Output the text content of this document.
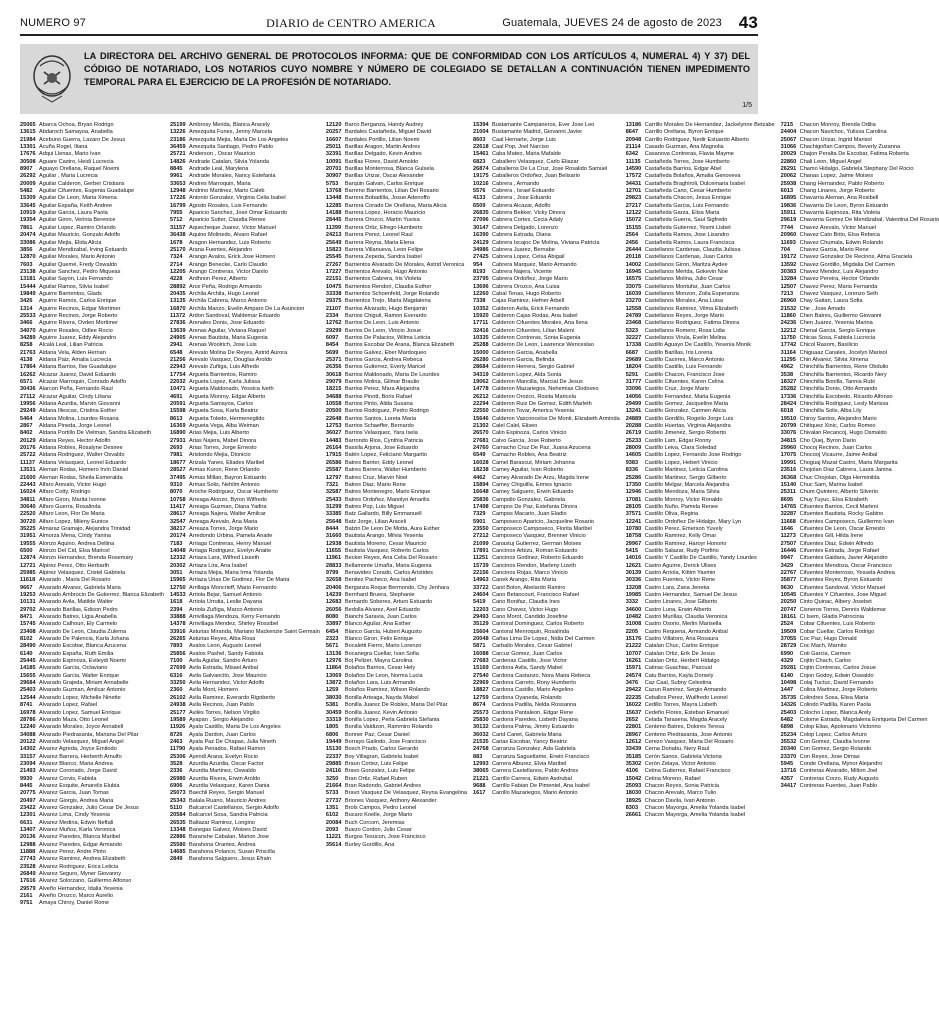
NUMERO 97	DIARIO de CENTRO AMERICA	Guatemala, JUEVES 24 de agosto de 2023 43
LA DIRECTORA DEL ARCHIVO GENERAL DE PROTOCOLOS INFORMA: QUE DE CONFORMIDAD CON LOS ARTÍCULOS 4, NUMERAL 4) Y 37) DEL CÓDIGO DE NOTARIADO, LOS NOTARIOS CUYO NOMBRE Y NÚMERO DE COLEGIADO SE DETALLAN A CONTINUACIÓN TIENEN IMPEDIMENTO TEMPORAL PARA EL EJERCICIO DE LA PROFESIÓN DE NOTARIADO.
1/5
25065 Abarca Ochoa, Bryan Rodrigo
13615 Abdaroch Samayoa, Anabella
21984 Acebuno Guerra, Lazaro De Jesus
13301 Acuña Rogel, Iliana
17676 Adqui Llenas, Mario Ivan
30508 Aguare Castro, Heidi Lucrecia
8907	Aguayo Orellana, Raquel Noemi
26292 Aguilar , Maria Lucrecia
20009 Aguilar Calderon, Gerber Cristians
5482	Aguilar Cifuentes, Eugenia Guadalupe
15309 Aguilar De Leon, Maria Ximena
33645 Aguilar España, Keith Andree
10919 Aguilar Garcia, Laura Paola
19354 Aguilar Giron, Verinia Berenice
7861	Aguilar Lopez, Ramiro Orlando
20474 Aguilar Mauricio, Gonzalo Adolfo
33086 Aguilar Mejia, Elida Alicia
3856	Aguilar Mendizabal, Irving Estuardo
12870 Aguilar Morales, Mario Antonio
7603	Aguilar Quemé, Fredy Oswaldo
23138 Aguilar Sanchez, Pedro Miqueas
13181 Aguilar Sayon, Luis Fernando
15444 Aguilar Ramos, Silvia Isabel
19849 Aguirre Barrientos, Glads
3426	Aguirre Ramos, Carlos Enrique
1314	Aguirre Recinos, Edgar Mortimer
25533 Aguirre Recinos, Jorge Roberto
3466	Aguirre Rivera, Ovden Mortimer
34070 Aguirre Rosales, Odlee Rocio
34289 Aguirre Juarez, Eddy Alejandro
8258	Alcalá Leal, Lilian Patricia
21763 Aldana Vela, Alden Hernan
4138	Aldana Paiz, Amalia Lucrecia
17864 Aldana Barrios, Ilse Guadalupe
16262 Alcazar Juarez, David Eduardo
6571	Alcazar Marroquin, Conrado Adolfo
30436 Alarcon Peña, Fernando Raul
27112 Alcazar Aguilar, Cindy Liliana
19956 Aldana Azurdia, Marvin Giovanni
29249 Aldana Illescas, Cristina Esther
5464	Aldana Molina, Lourdes Rosana
2867	Aldana Pineda, Jorge Leonel
8402	Aldana Portillo De Vielman, Sandra Elizabeth
20129 Aldana Reyes, Hector Adolfo
20176 Aldana Robles, Rosalyne Desiree
25722 Aldana Rodriguez, Walter Osvaldo
11137 Aldana Velasquez, Leonel Eduardo
13531 Aleman Rodas, Homero Irvin Daniel
21600 Aleman Rodas, Sheila Esmeralda
22443 Alfaro Arevalo, Victor Hugo
16024 Alfaro Cotty, Rodrigo
34811 Alfaro Giron, Marita Ivonne
30640 Alfaro Guerra, Rosalinda
22520 Alfaro Leon, Flor De Maria
30720 Alfaro Lopez, Mileny Eunice
35225 Almaraz Gramajo, Alejandra Trinidad
31951 Almorza Mena, Cindy Yanina
19555 Alonzo Aquino, Andrea Dellina
6500	Alonzo Del Cid, Elsa Maricel
12874 Alonzo Hernandez, Brenda Rosemary
12721 Alpirez Perez, Otto Herbarth
25985 Alpirez Velasquez, Cristel Gabriela
11618 Alvarado , Maria Del Rosario
9667	Alvarado Alvarez, Gabriela Maria
19253 Alvarado Ambrocio De Gutierrez, Blanca Elizabeth
10131 Alvarado Avila, Matilde Walter
29702 Alvarado Barillas, Edison Pedro
8471	Alvarado Batres, Ligia Anabella
15745 Alvarado Calhoun, Ely Carmelo
23408 Alvarado De Leon, Claudia Zulema
8102	Alvarado De Palencia, Karla Johana
28490 Alvarado Escobar, Blanca Azucena
6140	Alvarado España, Ruth Emilia
25445 Alvarado Espinoza, Evileydi Noemi
14185 Alvarado Garcia, Octaviano
15655 Alvarado Garcia, Walter Enrique
29684 Alvarado Grajeda, Miriam Annabelle
25403 Alvarado Guzman, Amilcar Antonio
12544 Alvarado Lopez, Michelle Ninette
8741	Alvarado Lopez, Rafael
16978 Alvarado Lopez, Samuel Enrique
28786 Alvarado Maza, Otto Leonel
12240 Alvarado Morales, Joyce Annabell
34088 Alvarado Piedrasanta, Mariana Del Pilar
20122 Alvarado Velasquez, Miguel Angel
14302 Alvarez Agreda, Joyce Emitodo
33157 Alvarez Barrera, Herberth Arnulfo
23094 Alvarez Blanco, Maria Andrea
21493 Alvarez Coronado, Jorge David
9930	Alvarez Corvis, Fabiola
8445	Alvarez Esquite, Amarelis Elubia
20775 Alvarez Garcia, Juan Tomas
20497 Alvarez Giorgis, Andrea Maria
23422 Alvarez Gonzalez, Julio Cesar De Jesus
12301 Alvarez Lima, Cindy Yesenia
6631	Alvarez Medina, Edwin Neftali
13407 Alvarez Muñoz, Karla Veronica
20136 Alvarez Paredes, Blanca Maribel
12988 Alvarez Paredes, Edgar Armando
11888 Alvarez Perez, Andre Pinto
27743 Alvarez Ramirez, Andrea Elizabeth
23528 Alvarez Rodriguez, Erica Leticia
26849 Alvarez Seguro, Myner Giovanny
17616 Alvarez Solorzano, Guillermo Alfonso
29579 Alveño Hernandez, Idalia Yesenia
2161	Alveño Orozco, Marco Aurelio
9751	Amaya Chiroy, Daniel Rome
25199 Ambrosy Merida, Blanca Aracely
13226 Amezquita Funes, Jenny Marcela
23186 Amezquita Mejia, Maria De Los Angeles
36459 Amezquita Santiago, Pedro Pablo
25721 Anderson , Oscar Mauricio
14826 Andrade Catalan, Silvia Yolanda
8845	Andrade Leal, Marylena
9961	Andrade Morales, Nancy Estefania
33653 Andres Marroquin, Maria
12948 Andrino Martinez, Mario Caleb
17226 Antonio Gonzalez, Virginia Celia Isabel
16799 Agosto Rosales, Luis Fernando
7955	Aparicio Sanchez, Jose Omar Estuardo
5712	Aparicio Sutter, Claudia Renee
31157 Aquecheque Juarez, Victor Manuel
36438 Aquino Molinedo, Alvaro Rafael
1678	Aragon Hernandez, Luis Roberto
25170 Arana Fuentes, Alejandro
7324	Arango Avalos, Erick Jose Homero
2714	Arango Benecke, Carlo Claudio
12205 Arango Contreras, Victor Danilo
4228	Ardhnon Perez, Alberto
28892 Arce Peña, Rodrigo Armando
20435 Archila Archila, Hugo Leonel
13135 Archila Cabrera, Marco Antonio
16870 Archila Manzo, Evelin Amparo De La Asuncion
11372 Ardon Sandoval, Waldemar Eduardo
27836 Arenales Donis, Jose Eduardo
13639 Arenas Aguilar, Viviana Raquel
24905 Arenas Bautista, Maria Eugenia
2941	Arenas Woolrich, Jose Luis
6548	Arevalo Molina De Reyes, Astrid Aurora
21256 Arevalo Vasquez, Douglas Aroldo
22943 Arevalo Zuñiga, Luis Alfredo
17754 Argueta Barrientos, Ramiro
22032 Argueta Lopez, Karla Julissa
10471 Argueta Maldonado, Yessica Iveth
4691	Argueta Monroy, Edgar Alberto
20591 Argueta Samayoa, Carlos
15598 Argueta Sosa, Karla Beatriz
8613	Argueta Toledo, Hermenegildo
16369 Argueta Vega, Alba Weiman
16890 Arias Mejia, Luis Alberto
27931 Arias Najera, Mabel Dinora
2693	Arias Torres, Jorge Ernesto
7981	Aristondo Mejia, Dionicio
18677 Arizala Yanes, Eliades Maribel
28527 Armas Kuron, Rene Orlando
37495 Armas Millan, Bayron Estuardo
9310	Armas Solis, Nehilm Antonio
8070	Aroche Rodriguez, Oscar Humberto
10758 Arreaga Alonzo, Byron Wilfredo
11417 Arreaga Guzman, Diana Yadira
28617 Arreaga Najera, Walter Amilcar
32547 Arreaga Arevalo, Ana Maria
38217 Arreaza Torres, Jorge Mario
20174 Arredondo Urbina, Pamela Anaite
7183	Arriaga Contreras, Henry Manuel
14048 Arriaga Rodriguez, Evelyn Anaite
12332 Arriaza Lara, Wilfred Lisseth
20302 Arriaza Lira, Ana Isabel
3051	Arriaza Mejia, Maria Irma Yolanda
15965 Arriaza Urias De Godinez, Flor De Maria
12750 Arrillaga Moncrieff, Mario Fernando
14533 Arriola Bejar, Samuel Antonio
1618	Arriola Urrutia, Leslie Dayana
2394	Arriola Zuñiga, Marco Antonio
33888 Arrivillaga Mendoza, Kerry Fernando
14378 Arrivillaga Mendez, Shirley Rossibel
33916 Asturias Miranda, Mariano Mackenzie Saint Germain
26265 Asturias Reyes, Alba Rosa
7893	Avalos Leon, Augusto Leonel
25856 Avalos Pashel, Sandy Fabiola
7100	Avila Aguilar, Sandro Arturo
27699 Avila Estrada, Misael Anibal
6316	Avila Galvancito, Jose Mauricio
33250 Avila Hernandez, Victor Adolfo
2360	Avila Mont, Homero
26102 Avila Ramirez, Everardo Rigoberto
24938 Avila Recinos, Juan Pablo
25177 Avilés Torres, Nelson Virgilio
19589 Ayapan , Sergio Alejandro
11926 Ayala Castillo, Maria De Los Angeles
8726	Ayala Dardon, Juan Carlos
2463	Ayala Paz De Chapas, Julia Nineth
11790 Ayala Penados, Rafael Ramon
25306 Ayendi Arana, Evelyn Rocio
3528	Azurdia Azurdia, Oscar Factor
2336	Azurdia Martinez, Oswaldo
26980 Azurdia Rivera, Erwin Aroldo
6906	Azurdia Velasquez, Karen Dania
25073 Baechli Reyes, Sergio Manuel
25343 Balala Ruano, Mauricio Andres
5110	Balcarcel Castellanos, Sergio Adolfo
20584 Balcarcel Sosa, Sandra Patricia
26535 Baltazar Ramirez, Longino
13348 Banegas Galvez, Moises David
22886 Baranshe Cabalan, Marion Jose
25580 Barahona Orantes, Andrea
14685 Barahona Polanco, Susan Priscilla
2849	Barahona Salguero, Jesus Efrain
12120 Barco Berganza, Handy Audrey
20257 Bardales Castañeda, Miguel David
16607 Bardales Portillo, Lilian Noemi
25011 Barillas Aragon, Martin Andres
32391 Barillas Delgado, Kevin Andres
10091 Barillas Flores, David Arnoldo
20701 Barillas Monterrosa, Blanca Gulsela
30907 Barillas Urizar, Oscar Alexander
5753	Barquin Galvan, Carlos Enrique
13768 Barreno Barrientos, Lilian Del Rosario
13448 Barrera Bobadilla, Josue Adenoffo
12285 Barrera Corado De Orellana, Maria Alicia
14188 Barrera Lopez, Horacio Mauricio
28445 Barrera Orozco, Martin Yuvisa
11399 Barrera Ortiz, Efrego Humberto
24213 Barrera Perez, Leonel Raul
25649 Barrera Reyna, Maria Elena
15823 Barrera Villanueva, Leon Felipe
25545 Barrera Zepeda, Sandra Isabel
27267 Barrientos Alvarado De Morales, Astrid Veronica
17227 Barrientos Arevalo, Hugo Antonio
22151 Barrientos Cabrera, Iris Violeta
10475 Barrientos Rendon, Claudia Esther
33338 Barrientos Schoenfeld, Jorge Rolando
29375 Barrientos Trejo, Maria Magdalena
21107 Barrios Alvarado, Hugo Benjamin
2334	Barrios Chiguil, Ramon Everardo
12762 Barrios De Leon, Luis Antonio
29299 Barrios De Leon, Vinicio Josue
6097	Barrios De Palacios, Wilma Leticia
8454	Barrios Escobar De Arana, Blanca Elizabeth
5699	Barrios Galvez, Eber Mardoqueo
25371 Barrios Garcia, Andrea Rebeca
26356 Barrios Gutierrez, Everly Maricel
30618 Barrios Maldonado, Maria De Lourdes
29079 Barrios Molina, Gilmar Braulio
18215 Barrios Perez, Mara Alejandra
34688 Barrios Pinott, Boris Rafael
10558 Barrios Pinto, Alida Susana
20500 Barrios Rodriguez, Pedro Rodrigo
22648 Barrios Santos, Loreta Maria
12753 Barrios Schaeffer, Bernardo
36027 Barrios Velasquez, Yara Isela
14483 Barrondo Rios, Cynthia Patricia
26164 Bassila Arjona, Jose Eduardo
17915 Batén Lopez, Feliciano Margarito
26586 Batres Barrier, Eddy Leonel
25587 Batres Barrera, Walter Humberto
12797 Batres Cruz, Marvin Noel
7321	Batres Diaz, Mario Rene
32587 Batres Montenegro, Mario Enrique
25433 Batres Ordoñez, Manolyn Amarilis
31299 Batres Pop, Luis Miguel
33385 Batz Gallardo, Billy Emmanuell
25648 Batz Jorge, Lilian Araceli
8444	Batzin De Leon De Motta, Aura Esther
31660 Bautista Arango, Milvia Yesenia
12938 Bautista Moreno, Cesar Mauricio
11655 Bautista Vasquez, Roberto Carlos
11961 Becker Reyes, Ana Celia Del Rosario
28833 Bellamonte Umaña, Maria Eugenia
9799	Benavides Corado, Carlos Aristides
32658 Benitez Pacheco, Ana Isabel
20406 Berganza Roque Bermondo, Chy Jenhara
14239 Bernhard Bruera, Stephanie
12683 Bernardo Soberes, Arturo Estuardo
26056 Bedolla Alvarez, Axel Eduardo
8080	Bianchi Saravia, Juan Carlos
33897 Blanco Aguilar, Ana Esther
6454	Blanco Garcia, Hubert Augusto
2323	Blanco Giron, Felix Enrique
5671	Bocaletti Fierro, Mario Lorenzo
13136 Bocanegra Cuellar, Ivan Sofia
12976 Boj Pellzer, Mayra Carolina
11864 Bolaños Barrios, Cesar Hely
13069 Bolaños De Leon, Norma Lucia
13872 Bolaños Lara, Luis Armando
1259	Bolaños Ramirez, Wilson Rolando
38030 Bonilla Arteaga, Nayda Mabel
5381	Bonilla Juarez De Robles, Maria Del Pilar
30459 Bonilla Juarez, Kevin Antonio
33319 Bonilla Lopez, Perla Gabriela Stefania
1805	Bonilla Valdizon, Rammiro Rolando
6806	Bonner Paz, Cesar Daniel
19449 Borrayo Galindo, Jose Francisco
15130 Bosch Prado, Carlos Gerardo
22337 Boy Villagran, Gabriela Isabel
29885 Braun Cortez, Luis Felipe
24116 Bravo Gonzalez, Luis Felipe
3250	Bran Ortiz, Rafael Ruben
21664 Bran Radondo, Gabriel Andres
5733	Bravo Vasquez De Velasquez, Reyna Evangelina
27737 Briones Vasquez, Anthony Alexander
1351	Brols Campos, Pedro Leonel
6102	Bucaro Koelle, Jorge Mario
20084 Buch Corcom, Jeremias
2093	Buezo Cordon, Julio Cesar
11221 Burgos Tesucun, Jose Francisco
35614 Burley Gordillo, Ana
15394 Bustamante Campaneros, Ever Jose Leo
21004 Bustamante Madrid, Giovanni Javier
8603	Caal Hernarte, Jorge Luis
22618 Caal Pop, Joel Narciso
15461 Caba Mateo, Maria Mafalde
6823	Caballero Velasquez, Carlo Eliazar
26874 Caballeros De La Cruz, Jose Rosalido Samuel
19175 Caballeros Ordoñez, Juan Belisario
10216 Cabrera , Armando
5576	Cabrera , Israel Estuardo
4133	Cabrera , Jose Eduardo
6509	Cabrera Alcazar, Adolfo
26835 Cabrera Bekker, Vicky Dinora
27096 Cabrera Cortes, Cecia Adaly
30147 Cabrera Delgado, Lorenzo
16390 Cabrera Estrada, Diana
24129 Cabrera Ixcajoc De Molina, Viviana Patricia
34986 Cabrera Juarez, Bernabe
27425 Cabrera Lopez, Celsa Abigail
954	Cabrera Marquez, Mario Armando
8193	Cabrera Najera, Vicente
23795 Cabrera Ordoñez, Jorge Mario
13696 Cabrera Orozco, Ana Luisa
12260 Cabal Tenas, Hugo Roberto
7338	Cajas Ramirez, Hefner Arbell
10352 Calderon Avila, Erick Fernando
15920 Calderon Cajas Rodas, Ana Isabel
17711 Calderon Cifuentes Morales, Ana Ilena
32416 Calderon Cifuentes, Lilian Maleni
10335 Calderon Contreras, Sonia Eugenia
25288 Calderon De Leon, Lawrence Wenceslao
15000 Calderon Garcia, Anabella
26280 Calderon Garcia, Belinda
28684 Calderon Herrera, Sergio Gabriel
34319 Calderon Lopez, Alda Sonia
19062 Calderon Mancilla, Marcial De Jesus
14778 Calderon Mazariegos, Nehemias Clodoveo
26212 Calderon Orozco, Rosita Maricela
22294 Calderon Ruiz De Gomez, Edith Marleth
22550 Calderon Tovar, America Yesenia
15646 Calderon Vasconcelos De Monti, Elizabeth Arminda
21302 Calel Calel, Eliseo
26570 Calin Espinoza, Carlos Vinicio
27681 Calvo Garcia, Jose Roberto
24760 Camacho Cruz De Paz, Juana Azucena
6549	Camacho Robles, Ana Beatriz
16028 Camel Barascut, Miriam Johanna
18238 Camey Aguilar, Ivan Roberto
4462	Camey Alvarado De Arzu, Magda Irene
15894 Camey Chiguilla, Ermes Ignacio
16648 Camey Salguero, Erwin Eduardo
25836 Campollo Gonzalez, Gabriela
17498 Campos De Paz, Estefania Dinora
7329	Campos Macario, Juan Eladio
5901	Camposeco Aparicio, Jacqueline Rosario
23550 Camposeco Camposeco, Florita Maribel
27212 Camposeco Vasquez, Brenner Vinicio
21099 Canastuj Gutierrez, German Moises
17891 Cancinos Arbizu, Roman Estuardo
11251 Cancinos Godinez, Roberto Eduardo
15739 Cancinos Rendon, Marleny Lizeth
22156 Cancinos Rojas, Marco Vinicio
14963 Canek Arango, Rita Maria
33722 Canil Bolon, Abelardo Ramiro
24604 Cano Betancourt, Francisco Rafael
5419	Cano Bonifaz, Claudia Ines
12203 Cano Chavez, Victor Hugo
29493 Cano Morot, Candido Josefine
35129 Cantoral Dominguez, Carlos Roberto
15604 Cantoral Menroquin, Rosalinda
20048 Cañas Lima De Lopez, Nidia Del Carmen
5871	Carballo Morales, Cesar Gabriel
16088 Carcuz Gomez, Juan Carlos
27683 Cardenas Castillo, Jose Victor
15169 Cardona Avila, Sandy Mabel
27540 Cardona Castanzo, Nora Maria Rebeca
22969 Cardona Carreto, Rony Humberto
18827 Cardona Castillo, Mario Angelino
12759 Cardona Oyaneda, Rolando
8674	Cardona Padilla, Nelda Rossanna
25573 Cardona Pantaleon, Edgar Rene
25830 Cardona Paredes, Lisbeth Dayana
30132 Cardona Palma, Jimmy Estuardo
36032 Carid Canet, Gabriela Maria
21535 Carias Escobar, Yancy Beatriz
24768 Carranza Gonzalez, Ada Gabriela
883	Carranza Saguetlame, Erwin Francisco
12993 Carrera Alburez, Elvia Maribel
38065 Carrera Castellanos, Pablo Andres
21221 Carrillo Carrera, Edwin Asdrubal
9688	Carrillo Fabian De Pimentel, Ana Isabel
1617	Carrillo Mazariegos, Mario Antonio
13186 Carrillo Morales De Hernandez, Jackelynne Betzabe
8647	Carrillo Orellana, Byron Enrique
20948 Carrillo Rodriguez, Nedir Estuardo Alberto
21114 Casado Guzman, Ana Magnolia
6342	Casanova Contreras, Flavia Mayme
11135 Castañeda Torres, Jose Humberto
14590 Castañeda Barrios, Edgar Abel
17572 Castañeda Bolaños, Amalia Genoveva
34431 Castañeda Braghiroli, Dulcemaria Isabel
12701 Castañeda Cano, Cesar Humberto
29823 Castañeda Chacon, Jesus Enrique
27217 Castañeda Garcia, Luis Fernando
12122 Castañeda Garza, Elisa Maria
15072 Castañeda Guerra, Saul Sigfredo
15155 Castañeda Gutierrez, Yesmi Lisbet
2564	Castañeda Ramos, Jose Lisandro
2456	Castañeda Ramos, Laura Francisca
26444 Castellanos Cardenas, Claudia Julissa
20118 Castellanos Cardenas, Juan Carlos
14002 Castellanos Giron, Maritza Aydee
16945 Castellanos Merida, Gokevin Noe
16575 Castellanos Molina, Julio Cesar
33075 Castellanos Montufar, Juan Carlos
16039 Castellanos Monzon, Zoila Esperanza
23270 Castellanos Morales, Ana Luisa
12558 Castellanos Ramirez, Vilma Elizabeth
24789 Castellanos Reyes, Jorge Mario
23468 Castellanos Rodriguez, Fatima Dinora
5323	Castellanos Romero, Rosa Lidia
32227 Castellanos Virula, Evelin Melina
17338 Castillo Aguayo De Castillo, Yesenia Monik
6687	Castillo Barillas, Iris Lorena
29689 Castillo Caceres, Marco Antonio
18204 Castillo Castillo, Luis Fernando
5291	Castillo Chacon, Francisco Jose
31777 Castillo Cifuentes, Karen Celina
33096 Castillo Cruz, Jorge Mario
14056 Castillo Fernandez, Maria Eugenia
29499 Castillo Gomez, Jacqueline Maria
13241 Castillo Gonzalez, Carmen Alicia
24889 Castillo Gordillo, Rogelio Jorge Luis
20288 Castillo Huertas, Virginia Alejandra
26719 Castillo Jimenez, Sergio Roberto
25233 Castillo Lam, Edgar Ronny
28009 Castillo Leiva, Clara Soledad
14605 Castillo Lopez, Fernando Jose Rodrigo
9383	Castillo Lopez, Hebert Vinicio
8336	Castillo Martinez, Leticia Carolina
25286 Castillo Martinez, Sergio Gilberto
17350 Castillo Melgar, Marcela Alejandra
12946 Castillo Mendoza, Maria Silvia
17081 Castillo Monroy, Victor Ronaldo
28105 Castillo Nuño, Pamela Renee
37571 Castillo Oliva, Regina
12241 Castillo Ordoñez De Hidalgo, Mary Lyn
10780 Castillo Perez, Emerson Yuvely
18758 Castillo Ramirez, Kelly Omar
29967 Castillo Ramirez, Haroyr Honorio
5415	Castillo Salazar, Rudy Porfirio
14016 Castillo Y Castillo De Castillo, Yandy Lourdes
12621 Castro Aguirre, Derick Ulises
30139 Castro Arriola, Kittim Yasmin
30336 Castro Fuentes, Victor Rene
13208 Castro Lara, Zana Jeneka
19985 Castro Hernandez, Samuel De Jesus
3332	Castro Linares, Jose Gilberto
34600 Castro Luna, Erwin Alberto
10482 Castro Murillas, Claudia Veronica
31008 Castro Osorio, Merlin Marisella
2205	Castro Requena, Armando Anibal
15176 Castro Villatoro, Ana Rosaura
21222 Catalan Chuc, Carlos Enrique
10707 Catalan Ortiz, Erik De Jesus
16261 Catalan Ortiz, Herbert Hidalgo
15971 Catinac Guachiac, Pascual
24574 Catu Barrios, Kayla Dorsely
3476	Caz Caal, Subny Celestina
29422 Cazun Ramirez, Sergio Armando
22235 Ceballos Perez, Wuilfredo Leonel
16022 Cedillo Torres, Mayra Lisbeth
15637 Cedeño Flores, Esteban Emanuel
2652	Celada Tarasena, Magda Aracely
22801 Centeno Batres, Dolores Teresa
28967 Centeno Piedrasanta, Jose Antonio
12612 Cerezo Vasquez, Maria Del Rosario
33439 Cerna Donabu, Nery Raul
35185 Cerón Sanos, Gabriela Victoria
35302 Cerón Zelaya, Victor Antonio
4106	Cetina Gutierrez, Rafael Francisco
15042 Cetina Moreno, Rafael
25093 Chacon Reyes, Sonia Patricia
18030 Chacon Arevalo, Marco Tulio
18925 Chacon Davila, Ivan Antonio
8303	Chacon Mayorga, Amelia Yolanda Isabel
26661 Chacon Mayorga, Amelia Yolanda Isabel
7215	Chacon Monroy, Brenda Odilia
24404 Chacon Navichoc, Yulissa Carolina
25067 Chacon Urizar, Ingrid Marisol
31066 Chachigoñan Campos, Beverly Zuzanna
20029 Chajon Peralta De Escobar, Fatima Roberta
22860 Chali Leon, Miguel Angel
26291 Chamo Hidalgo, Gabriela Stephany Del Rocio
20062 Chanas Lopez, Jaime Moises
25938 Chang Hernandez, Pablo Roberto
6013	Chang Linares, Jorge Roberto
16895 Chavarria Aleman, Ana Rosibell
19836 Chavarria De Leon, Byron Estuardo
15911 Chavarria Espinoza, Rita Violeta
29619 Chavarria Gomez De Mendizabal, Valentina Del Rosario
7744	Chavez Arevalo, Victor Manuel
20960 Chavez Cato Brito, Elsa Rebeca
11693 Chavez Chumala, Edwin Rolando
704	Chavez Garcia, Mario Rene
19172 Chavez Gonzalez De Recinos, Alma Graciela
13592 Chavez Gordillo, Migdalia Del Carmen
30383 Chavez Mendez, Luis Alejandro
13284 Chavez Pereira, Hector Orlando
12507 Chavez Perez, Maria Fernanda
7213	Chavez Vasquez, Lorenzo Seth
26960 Chay Gaitan, Laura Sofia
21532 Che , Jose Amado
11860 Chen Batres, Guillermo Giovanni
24236 Chen Juarez, Yesenia Marina
12212 Chenal Garcia, Sergio Enrique
11750 Chicas Sosa, Fabiola Lucrecia
17742 Chicol Rasom, Basilicio
31164 Chiguaaz Canales, Jocelyn Marisol
11295 Chin Alvarez, Silvia Ximena
4962	Chinchilla Barrientos, Rene Obdulio
3538	Chinchilla Barrientos, Ricardo Nery
18327 Chinchilla Bonilla, Tannia Rubi
25282 Chinchilla Donis, Otto Armando
17336 Chinchilla Escobedo, Ricardo Alfonso
28424 Chinchilla Rodriguez, Lesly Marissa
6018	Chinchilla Solis, Alba Lily
19510 Chiroy Santos, Alejandro Mario
20799 Chitiquez Xinic, Carlos Romeo
33076 Chivalan Recancoj, Hugo Osmaldo
34815 Cho Quej, Byron Dario
29960 Chocoj Recinos, Juan Carlos
17075 Chocooj Vicaurre, Jaime Anibal
19991 Choguaj Mazat Castro, Maria Margarita
23516 Chojolan Diaz Cabrera, Laura Janina
36368 Chuc Chojolan, Olga Herminilda
15140 Chuc Sam, Marina Isabel
25311 Chum Quintero, Alberto Silverio
8695	Chuy Tuyuc, Elsa Elizabeth
14765 Cifuentes Barrios, Cecil Marleni
32287 Cifuentes Bautista, Rocky Gabino
11668 Cifuentes Camposeco, Guillermo Ivan
1646	Cifuentes De Leon, Oscar Ernesto
11273 Cifuentes Gill, Hilda Irene
27507 Cifuentes Diaz, Edwin Alfredo
16446 Cifuentes Estrada, Jorge Rafael
9947	Cifuentes Gaidara, Javier Alejandro
3429	Cifuentes Mendoza, Oscar Francisco
22767 Cifuentes Monterroso, Yessela Andrea
35877 Cifuentes Reyes, Byron Estuardo
9630	Cifuentes Sandoval, Victor Manuel
10545 Cifuentes Y Cifuentes, Jose Miguel
20250 Cinto Quinac, Albery Josebet
20747 Cisneros Torres, Dennis Waldemar
18161 Ci Isem, Gladis Patrocinia
2524	Cobar Cifuentes, Luis Roberto
19509 Cobar Cuellar, Carlos Rodrigo
37055 Coc Paz, Hugo Donald
28729 Coc Mach, Marnito
6990	Coti Garcia, Carmen
4329	Cojtin Chach, Carlos
29281 Cojtin Contreras, Carlos Josue
6140	Cojon Godoy, Edwin Oswaldo
10498 Colaj Tuctuc, David Fernando
1447	Colina Martinez, Jorge Roberto
35735 Colindres Sosa, Elisa Maria
14326 Colindo Padilla, Karen Paola
25403 Colocho Lopez, Blanca Arely
6482	Colome Estrada, Magdalena Enriqueta Del Carmen
6898	Colop Elias, Apolonario Victorino
25234 Colop Lopez, Carlos Arturo
35532 Con Gomez, Claudia Ivonne
20340 Con Gomez, Sergio Rolando
23370 Con Reyes, Jose Dimas
5945	Conde Orellana, Mynor Alejandro
13716 Contreras Alvarado, Milton Joel
4357	Contreras Corzo, Rudy Augusto
34417 Contreras Fuentes, Juan Pablo
